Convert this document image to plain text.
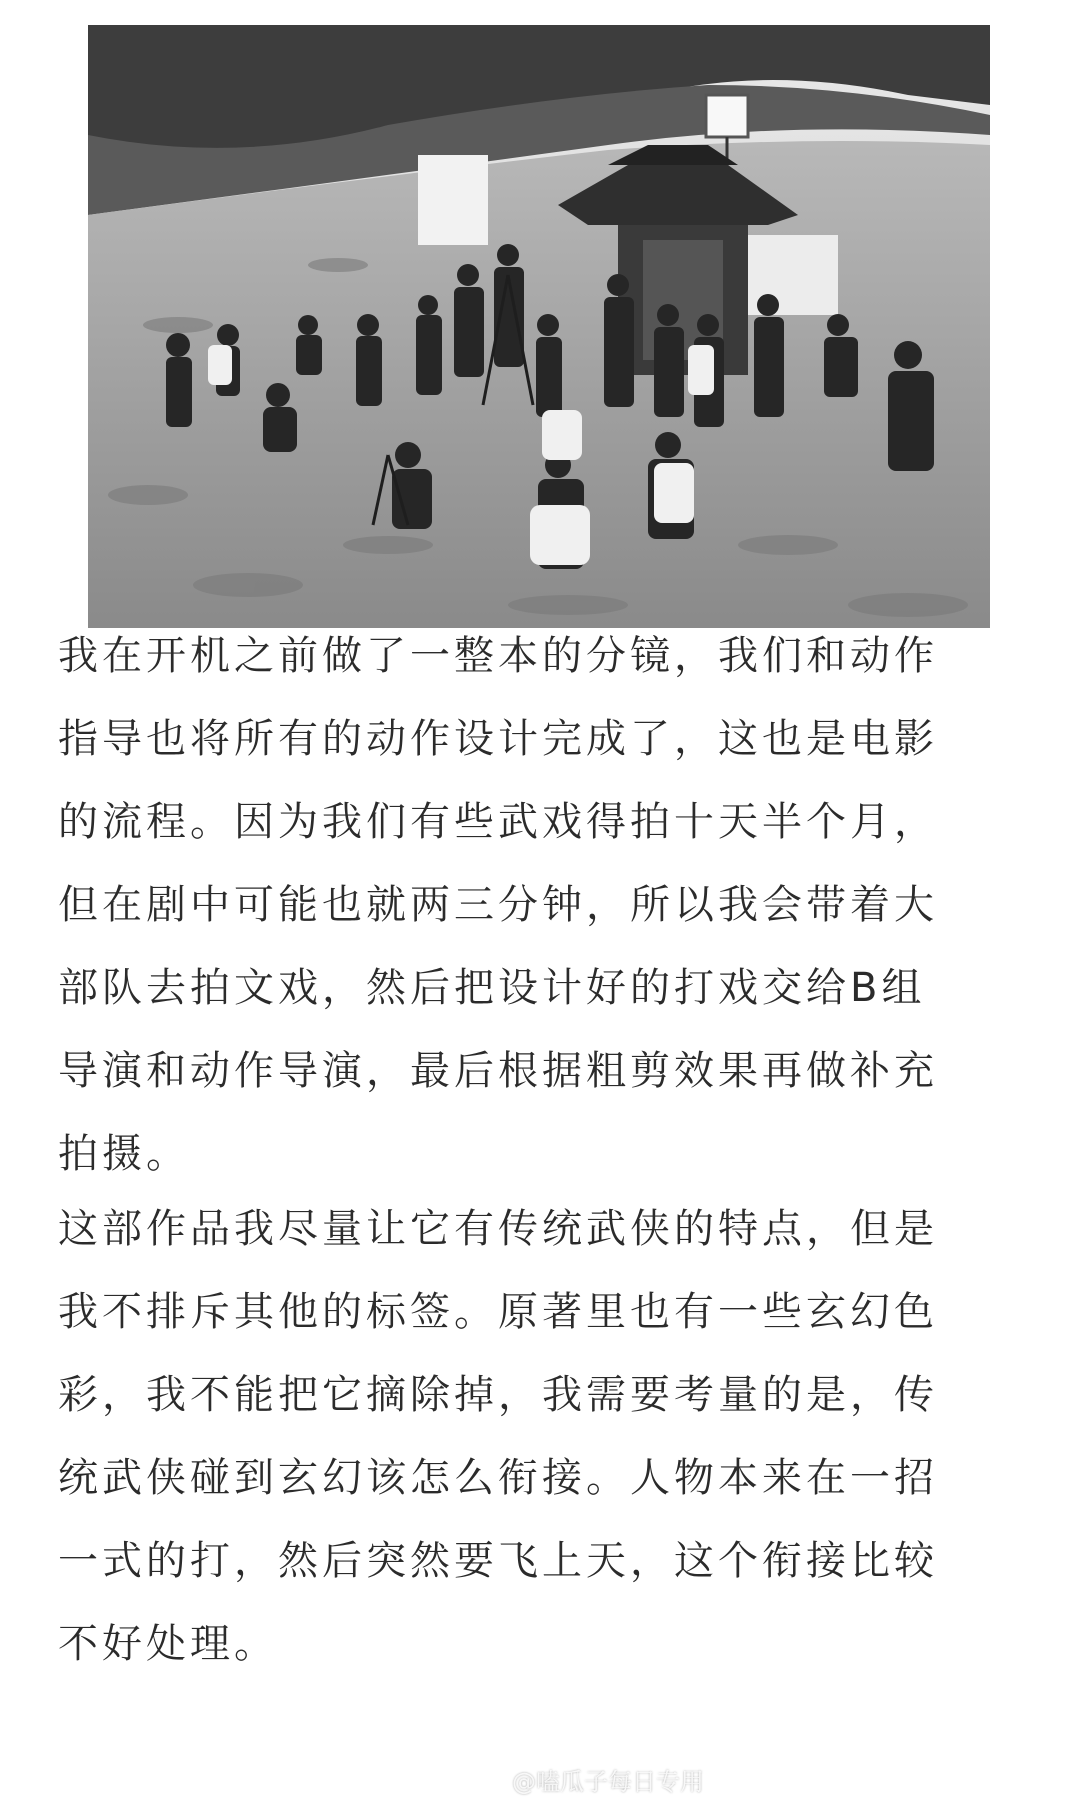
我在开机之前做了一整本的分镜，我们和动作
指导也将所有的动作设计完成了，这也是电影
的流程。因为我们有些武戏得拍十天半个月，
但在剧中可能也就两三分钟，所以我会带着大
部队去拍文戏，然后把设计好的打戏交给B组
导演和动作导演，最后根据粗剪效果再做补充
拍摄。
这部作品我尽量让它有传统武侠的特点，但是
我不排斥其他的标签。原著里也有一些玄幻色
彩，我不能把它摘除掉，我需要考量的是，传
统武侠碰到玄幻该怎么衔接。人物本来在一招
一式的打，然后突然要飞上天，这个衔接比较
不好处理。
@嗑瓜子每日专用
